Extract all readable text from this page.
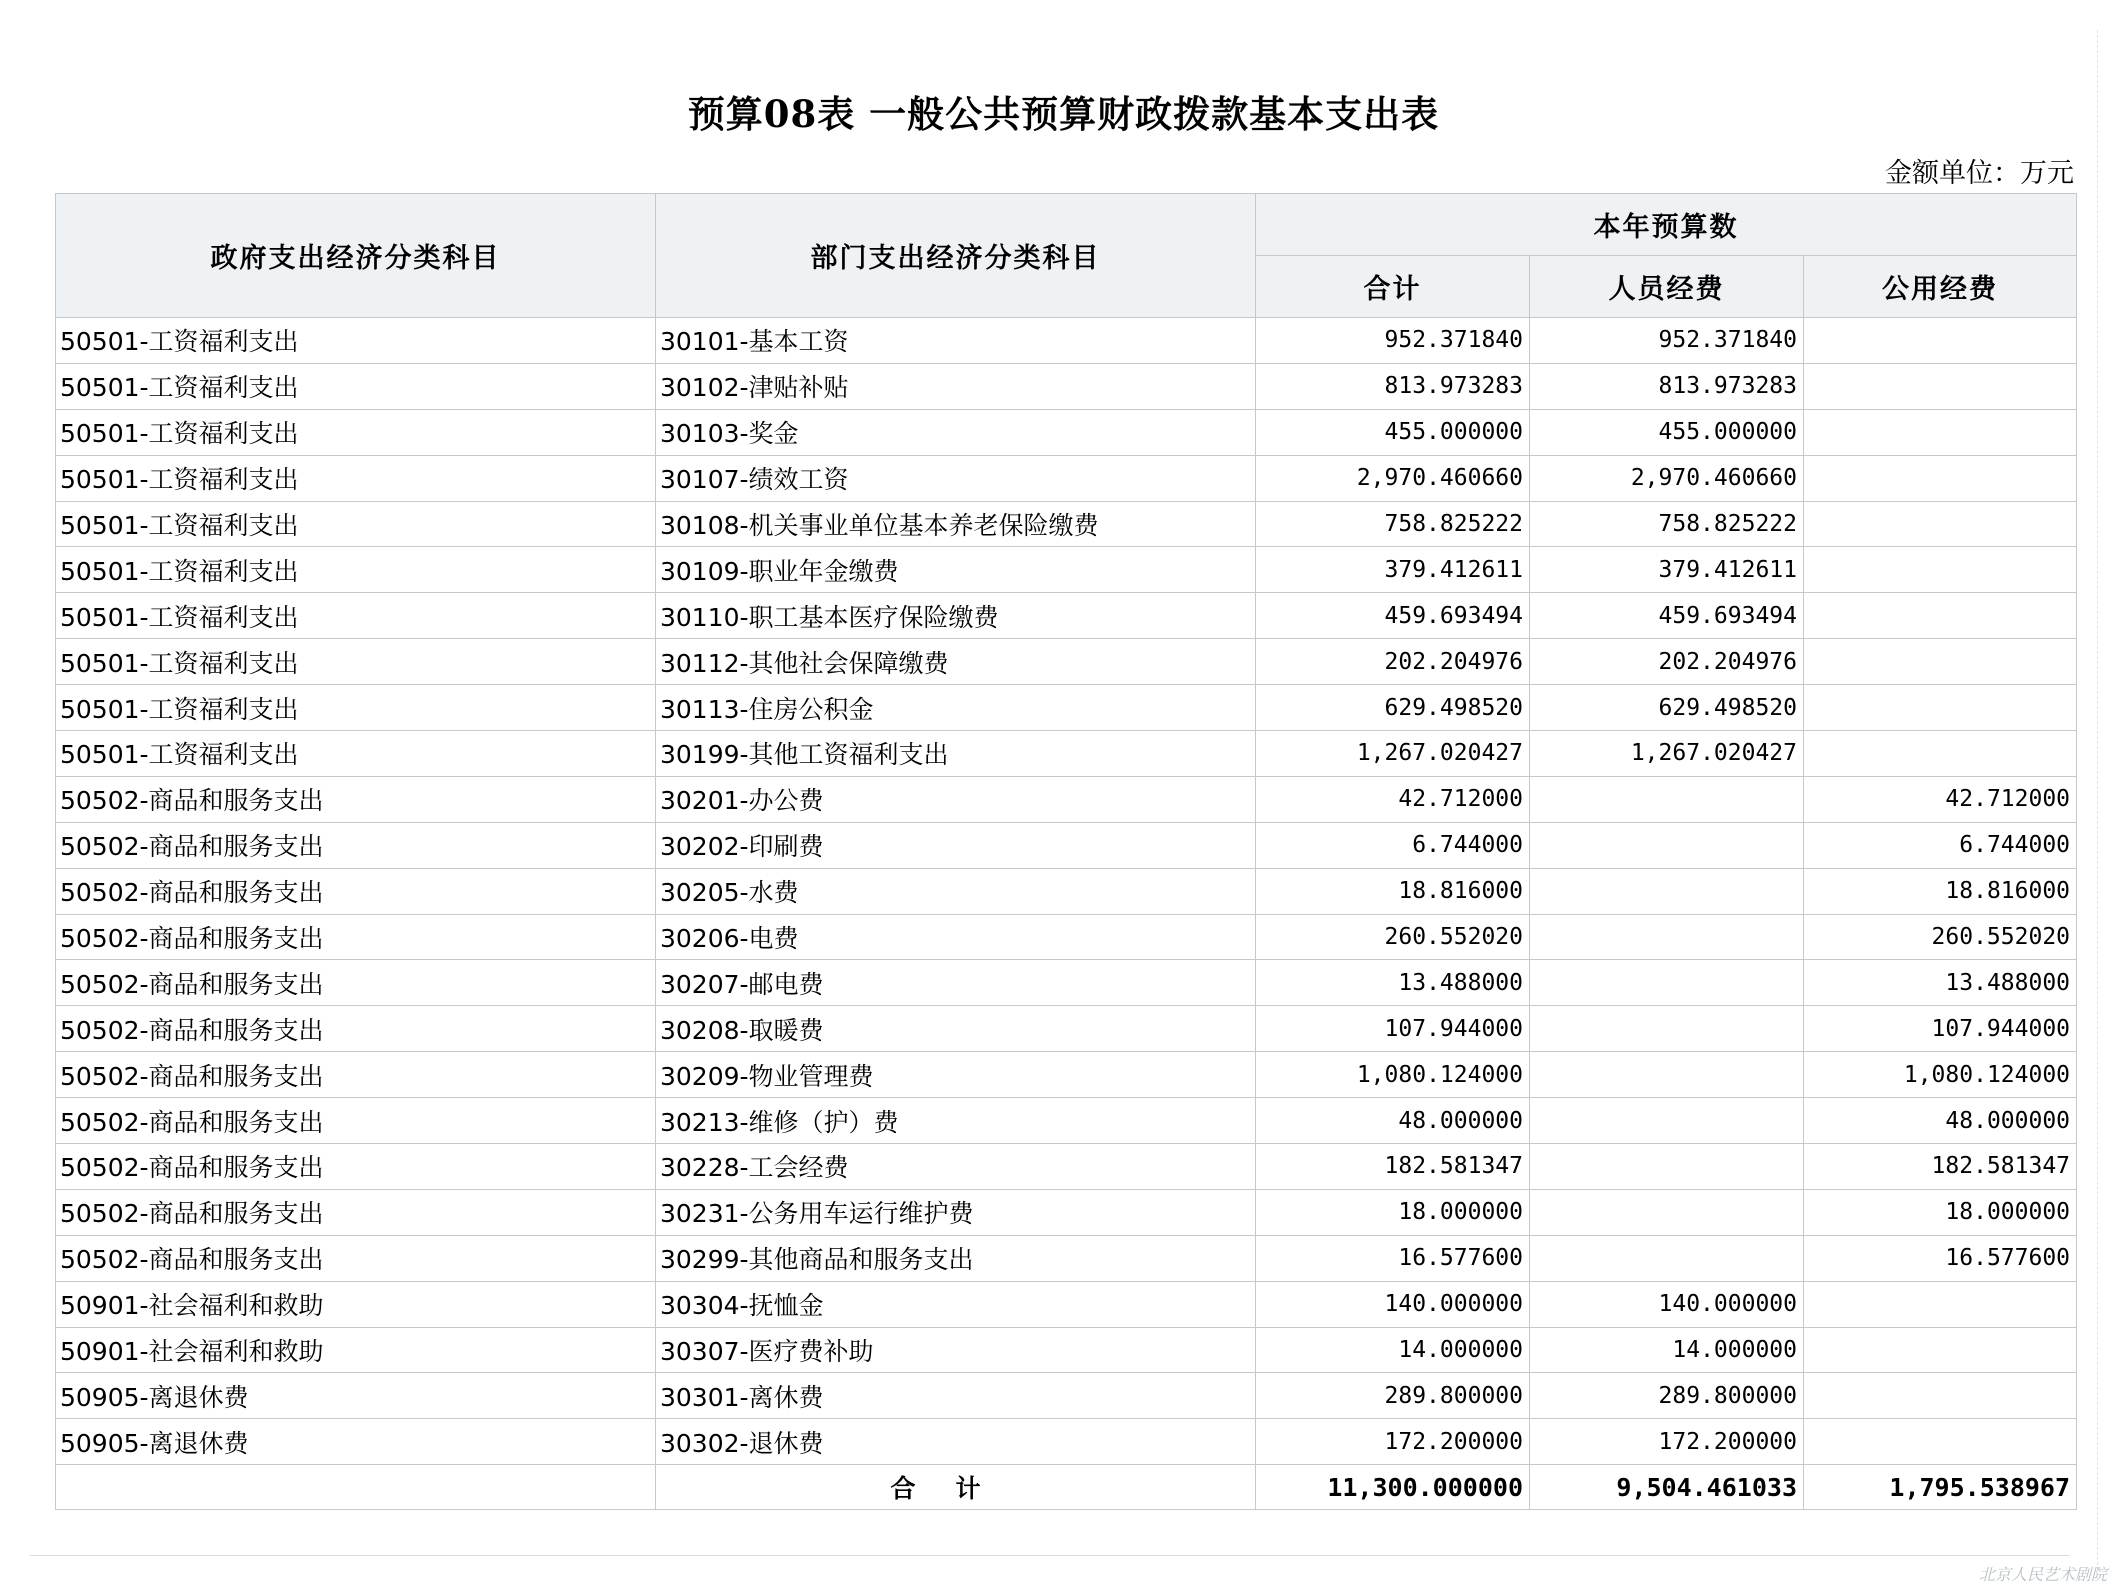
预算08表 一般公共预算财政拨款基本支出表
金额单位：万元
政府支出经济分类科目	部门支出经济分类科目	本年预算数		
		合计	人员经费	公用经费
50501-工资福利支出	30101-基本工资	952.371840	952.371840	
50501-工资福利支出	30102-津贴补贴	813.973283	813.973283	
50501-工资福利支出	30103-奖金	455.000000	455.000000	
50501-工资福利支出	30107-绩效工资	2,970.460660	2,970.460660	
50501-工资福利支出	30108-机关事业单位基本养老保险缴费	758.825222	758.825222	
50501-工资福利支出	30109-职业年金缴费	379.412611	379.412611	
50501-工资福利支出	30110-职工基本医疗保险缴费	459.693494	459.693494	
50501-工资福利支出	30112-其他社会保障缴费	202.204976	202.204976	
50501-工资福利支出	30113-住房公积金	629.498520	629.498520	
50501-工资福利支出	30199-其他工资福利支出	1,267.020427	1,267.020427	
50502-商品和服务支出	30201-办公费	42.712000		42.712000
50502-商品和服务支出	30202-印刷费	6.744000		6.744000
50502-商品和服务支出	30205-水费	18.816000		18.816000
50502-商品和服务支出	30206-电费	260.552020		260.552020
50502-商品和服务支出	30207-邮电费	13.488000		13.488000
50502-商品和服务支出	30208-取暖费	107.944000		107.944000
50502-商品和服务支出	30209-物业管理费	1,080.124000		1,080.124000
50502-商品和服务支出	30213-维修（护）费	48.000000		48.000000
50502-商品和服务支出	30228-工会经费	182.581347		182.581347
50502-商品和服务支出	30231-公务用车运行维护费	18.000000		18.000000
50502-商品和服务支出	30299-其他商品和服务支出	16.577600		16.577600
50901-社会福利和救助	30304-抚恤金	140.000000	140.000000	
50901-社会福利和救助	30307-医疗费补助	14.000000	14.000000	
50905-离退休费	30301-离休费	289.800000	289.800000	
50905-离退休费	30302-退休费	172.200000	172.200000	
	合计	11,300.000000	9,504.461033	1,795.538967
北京人民艺术剧院
